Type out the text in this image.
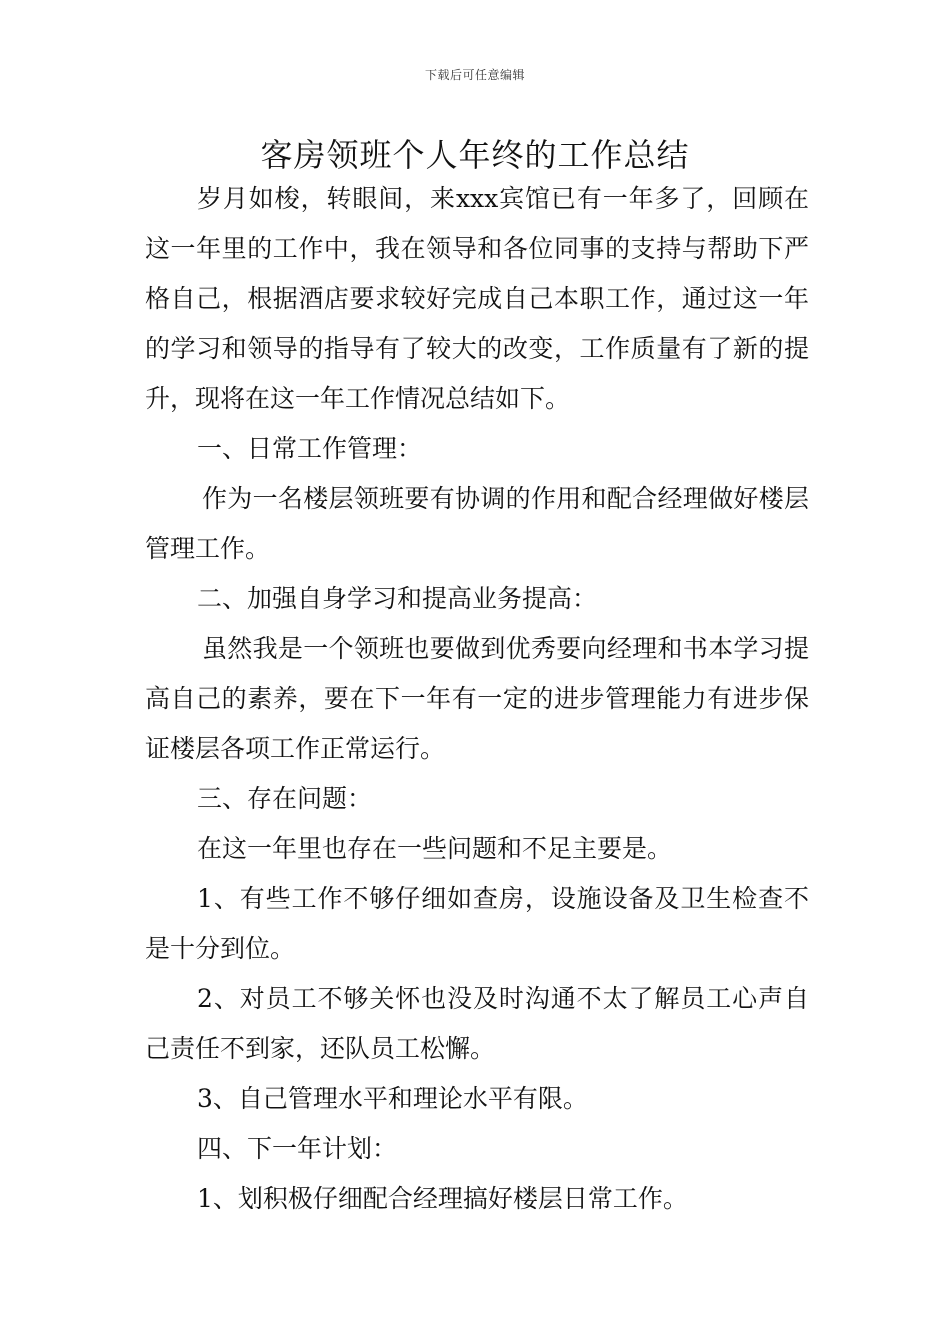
下载后可任意编辑
客房领班个人年终的工作总结

岁月如梭，转眼间，来xxx宾馆已有一年多了，回顾在这一年里的工作中，我在领导和各位同事的支持与帮助下严格自己，根据酒店要求较好完成自己本职工作，通过这一年的学习和领导的指导有了较大的改变，工作质量有了新的提升，现将在这一年工作情况总结如下。

一、日常工作管理：

作为一名楼层领班要有协调的作用和配合经理做好楼层管理工作。

二、加强自身学习和提高业务提高：

虽然我是一个领班也要做到优秀要向经理和书本学习提高自己的素养，要在下一年有一定的进步管理能力有进步保证楼层各项工作正常运行。

三、存在问题：

在这一年里也存在一些问题和不足主要是。

1、有些工作不够仔细如查房，设施设备及卫生检查不是十分到位。

2、对员工不够关怀也没及时沟通不太了解员工心声自己责任不到家，还队员工松懈。

3、自己管理水平和理论水平有限。

四、下一年计划：

1、划积极仔细配合经理搞好楼层日常工作。
